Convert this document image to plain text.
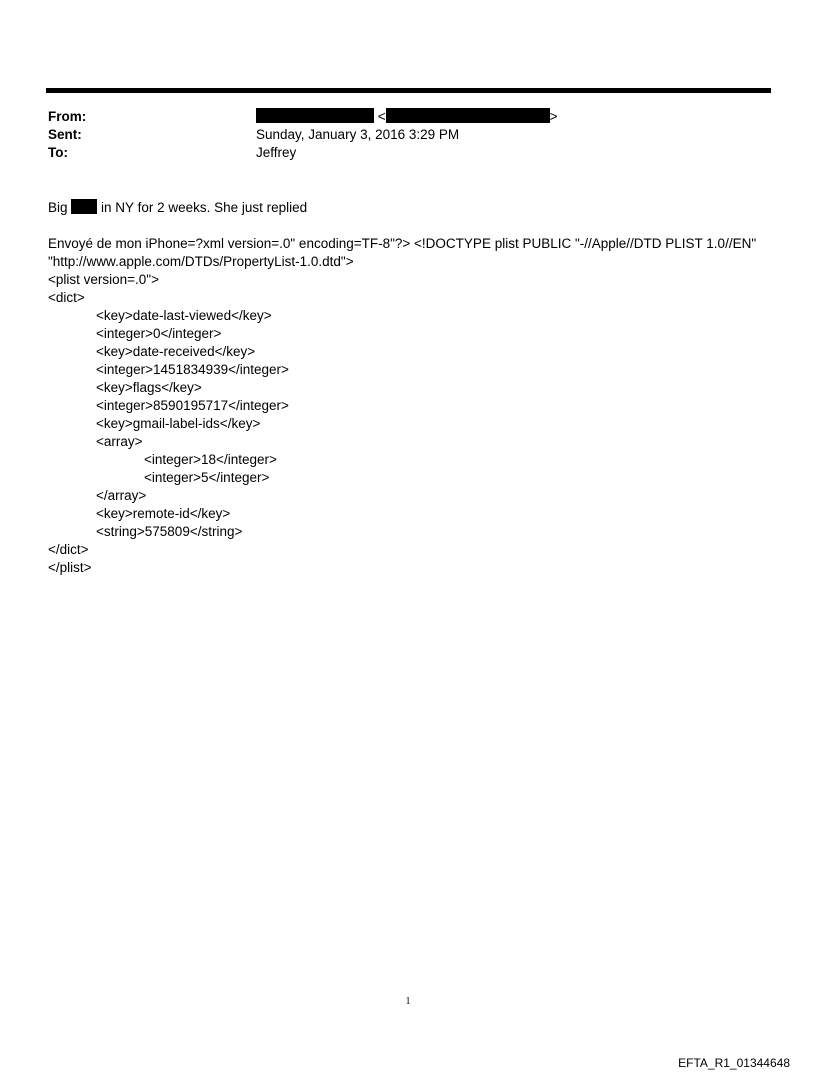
From:	<	>
Sent:	Sunday, January 3, 2016 3:29 PM
To:	Jeffrey
Big in NY for 2 weeks. She just replied
Envoyé de mon iPhone=?xml version=.0" encoding=TF-8"?> <!DOCTYPE plist PUBLIC "-//Apple//DTD PLIST 1.0//EN"
"http://www.apple.com/DTDs/PropertyList-1.0.dtd">
<plist version=.0">
<dict>
<key>date-last-viewed</key>
<integer>0</integer>
<key>date-received</key>
<integer>1451834939</integer>
<key>flags</key>
<integer>8590195717</integer>
<key>gmail-label-ids</key>
<array>
<integer>18</integer>
<integer>5</integer>
</array>
<key>remote-id</key>
<string>575809</string>
</dict>
</plist>
1
EFTA_R1_01344648
